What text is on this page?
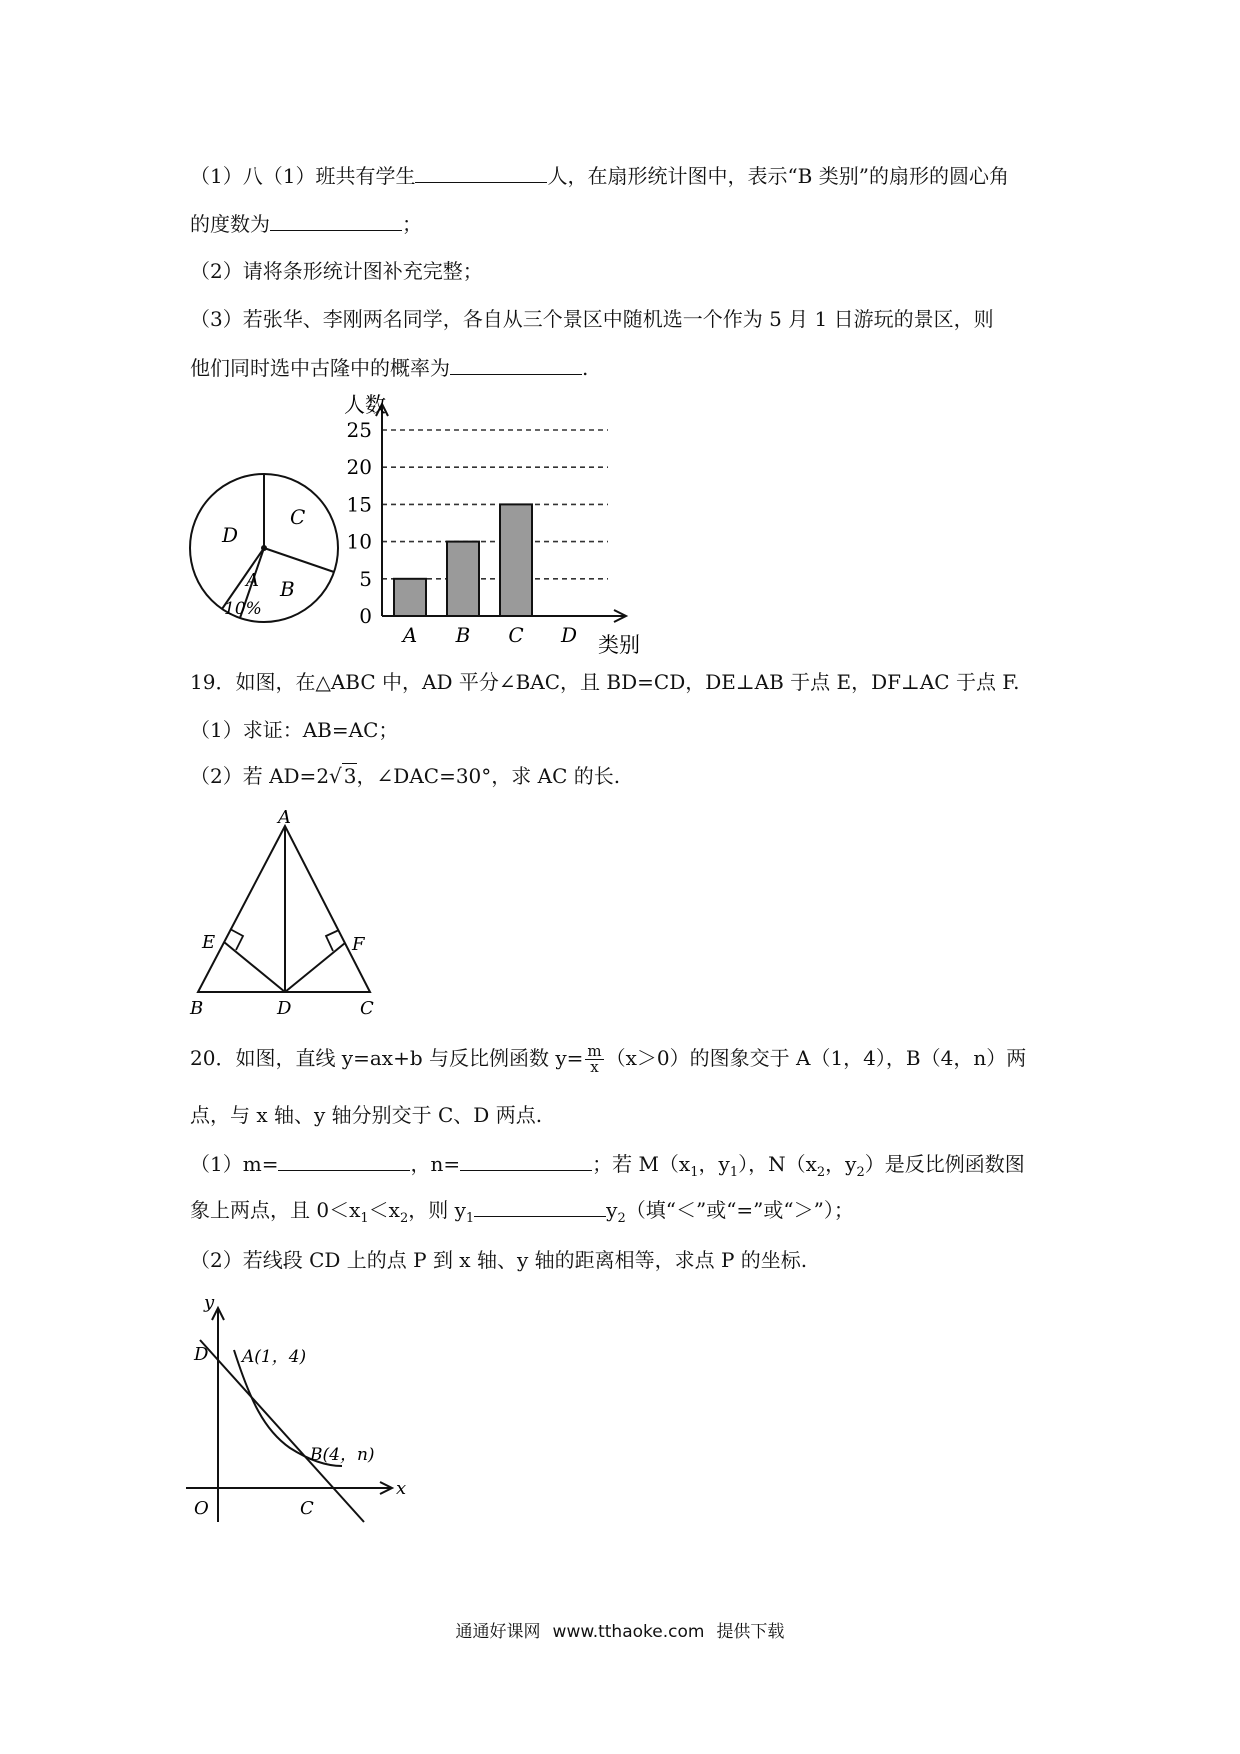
（1）八（1）班共有学生	人，在扇形统计图中，表示“B 类别”的扇形的圆心角
的度数为	；
（2）请将条形统计图补充完整；
（3）若张华、李刚两名同学，各自从三个景区中随机选一个作为 5 月 1 日游玩的景区，则
他们同时选中古隆中的概率为	.
C
D
B
A
10%	0
5
10
15
20
25
A B C D
人数
类别
19．如图，在△ABC 中，AD 平分∠BAC，且 BD=CD，DE⊥AB 于点 E，DF⊥AC 于点 F.
（1）求证：AB=AC；
（2）若 AD=2√ 3，∠DAC=30°，求 AC 的长.
A
B	D	C
E	F
20．如图，直线 y=ax+b 与反比例函数 $y= \frac{m}{x} (x>0)$的图象交于 A（1，4），B（4，n）两
点，与 x 轴、y 轴分别交于 C、D 两点.
（1）m=	，n=	；若 $M(x_1$，$y_1$），$N(x_2$，$y_2$）是反比例函数图
象上两点，且 $0<x_1<x_2$，则 $y_1$	$y_2$（填“＜”或“=”或“＞”）；
（2）若线段 CD 上的点 P 到 x 轴、y 轴的距离相等，求点 P 的坐标.
y
x
O	C
D A(1，4)
B(4，n)
通通好课网 www.tthaoke.com 提供下载
